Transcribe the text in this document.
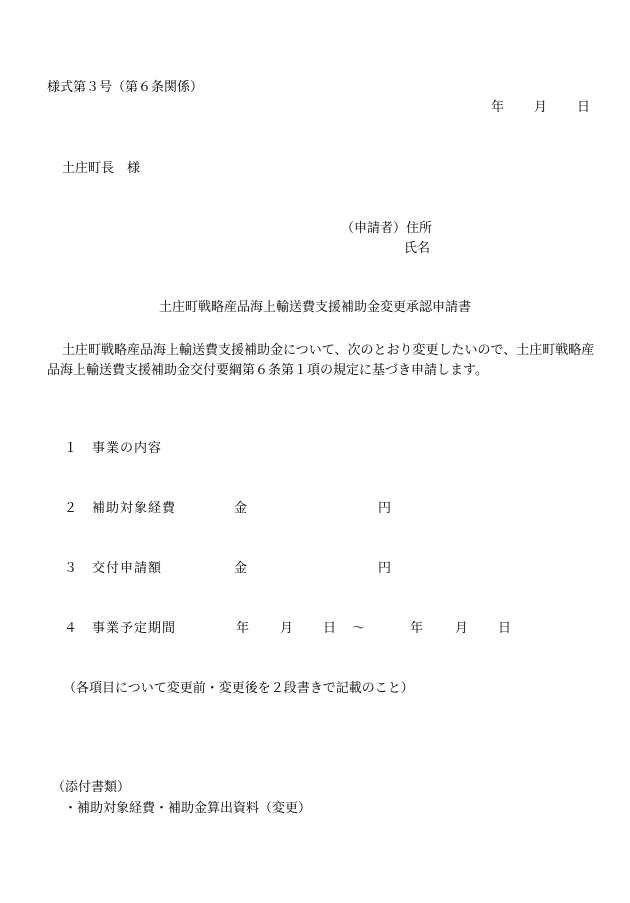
様式第３号（第６条関係）
年 月 日
土庄町長　様
（申請者）住所
氏名
土庄町戦略産品海上輸送費支援補助金変更承認申請書
土庄町戦略産品海上輸送費支援補助金について、次のとおり変更したいので、土庄町戦略産品海上輸送費支援補助金交付要綱第６条第１項の規定に基づき申請します。
１ 事業の内容
２ 補助対象経費	金	円
３ 交付申請額	金	円
４ 事業予定期間	年 月 日 ～	年 月 日
（各項目について変更前・変更後を２段書きで記載のこと）
（添付書類）
・補助対象経費・補助金算出資料（変更）
